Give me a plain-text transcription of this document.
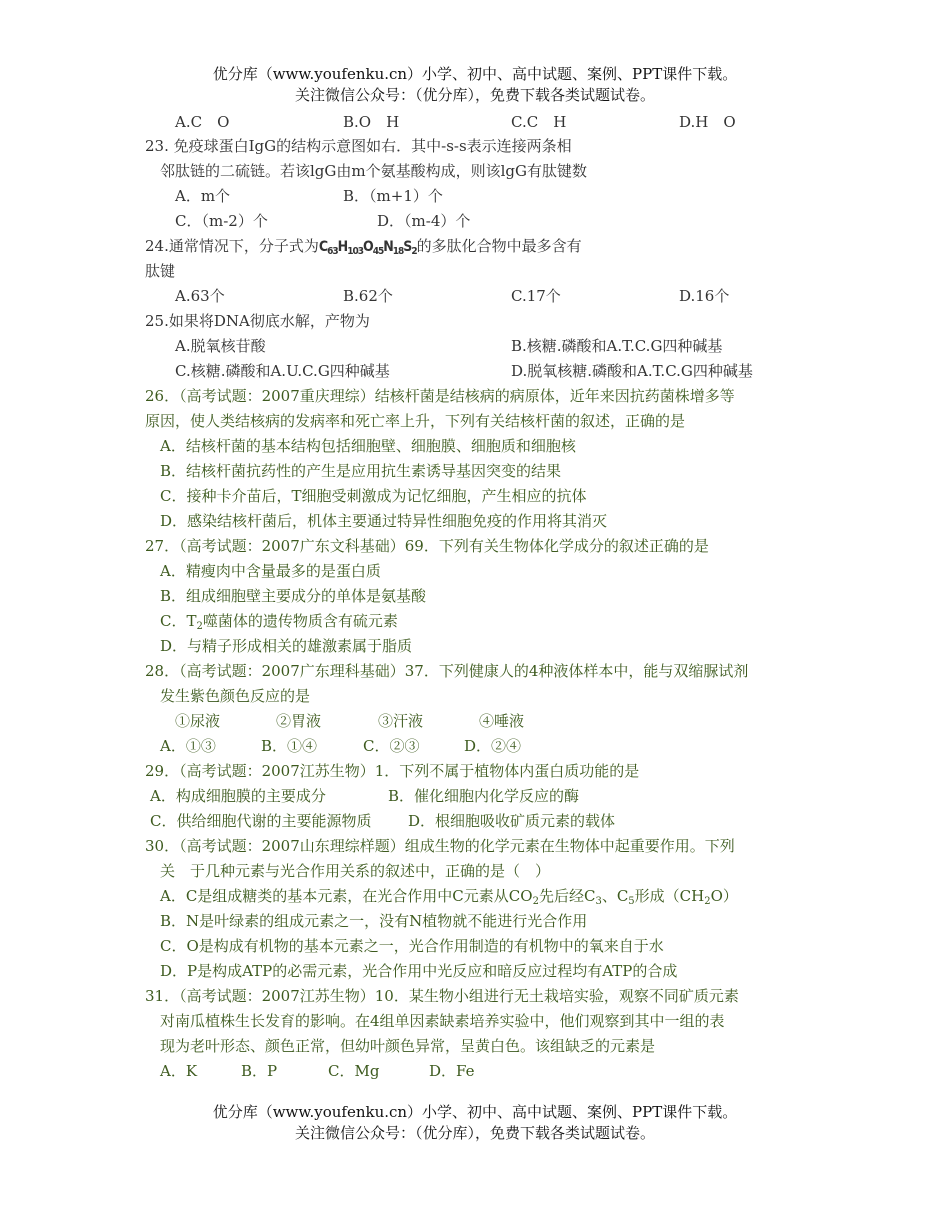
优分库（www.youfenku.cn）小学、初中、高中试题、案例、PPT课件下载。
关注微信公众号：（优分库），免费下载各类试题试卷。
A.C　O	B.O　H	C.C　H	D.H　O
23. 免疫球蛋白IgG的结构示意图如右．其中-s-s表示连接两条相
邻肽链的二硫链。若该lgG由m个氨基酸构成，则该lgG有肽键数
A．m个	B．（m+1）个
C．（m-2）个	D．（m-4）个
24.通常情况下，分子式为$C_{63}H_{103}O_{45}N_{18}S_2$的多肽化合物中最多含有
肽键
A.63个	B.62个	C.17个	D.16个
25.如果将DNA彻底水解，产物为
A.脱氧核苷酸	B.核糖.磷酸和A.T.C.G四种碱基
C.核糖.磷酸和A.U.C.G四种碱基	D.脱氧核糖.磷酸和A.T.C.G四种碱基
26．（高考试题：2007重庆理综）结核杆菌是结核病的病原体，近年来因抗药菌株增多等
原因，使人类结核病的发病率和死亡率上升，下列有关结核杆菌的叙述，正确的是
A．结核杆菌的基本结构包括细胞壁、细胞膜、细胞质和细胞核
B．结核杆菌抗药性的产生是应用抗生素诱导基因突变的结果
C．接种卡介苗后，T细胞受刺激成为记忆细胞，产生相应的抗体
D．感染结核杆菌后，机体主要通过特异性细胞免疫的作用将其消灭
27．（高考试题：2007广东文科基础）69．下列有关生物体化学成分的叙述正确的是
A．精瘦肉中含量最多的是蛋白质
B．组成细胞壁主要成分的单体是氨基酸
C．$T_2$噬菌体的遗传物质含有硫元素
D．与精子形成相关的雄激素属于脂质
28．（高考试题：2007广东理科基础）37．下列健康人的4种液体样本中，能与双缩脲试剂
发生紫色颜色反应的是
①尿液	②胃液	③汗液	④唾液
A．①③	B．①④	C．②③	D．②④
29．（高考试题：2007江苏生物）1．下列不属于植物体内蛋白质功能的是
A．构成细胞膜的主要成分	B．催化细胞内化学反应的酶
C．供给细胞代谢的主要能源物质 D．根细胞吸收矿质元素的载体
30．（高考试题：2007山东理综样题）组成生物的化学元素在生物体中起重要作用。下列
关　于几种元素与光合作用关系的叙述中，正确的是（　）
A．C是组成糖类的基本元素，在光合作用中C元素从$CO_2$先后经$C_3$、$C_5$形成$(CH_2O)$
B．N是叶绿素的组成元素之一，没有N植物就不能进行光合作用
C．O是构成有机物的基本元素之一，光合作用制造的有机物中的氧来自于水
D．P是构成ATP的必需元素，光合作用中光反应和暗反应过程均有ATP的合成
31．（高考试题：2007江苏生物）10．某生物小组进行无土栽培实验，观察不同矿质元素
对南瓜植株生长发育的影响。在4组单因素缺素培养实验中，他们观察到其中一组的表
现为老叶形态、颜色正常，但幼叶颜色异常，呈黄白色。该组缺乏的元素是
A．K	B．P	C．Mg	D．Fe
优分库（www.youfenku.cn）小学、初中、高中试题、案例、PPT课件下载。
关注微信公众号：（优分库），免费下载各类试题试卷。
